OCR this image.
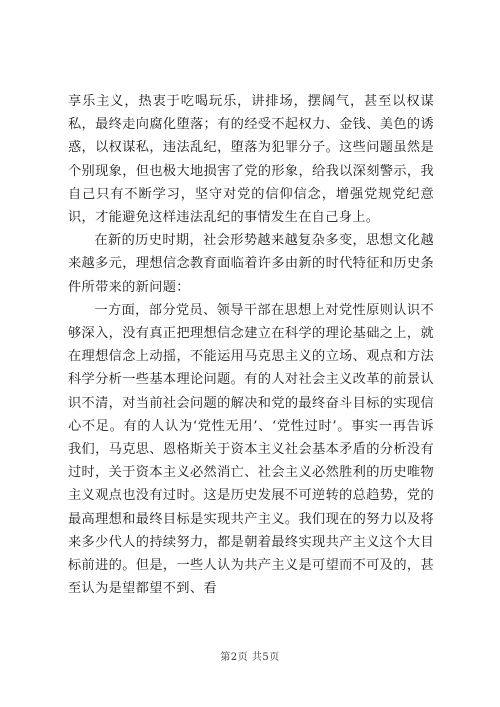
享乐主义，热衷于吃喝玩乐，讲排场，摆阔气，甚至以权谋私，最终走向腐化堕落；有的经受不起权力、金钱、美色的诱惑，以权谋私，违法乱纪，堕落为犯罪分子。这些问题虽然是个别现象，但也极大地损害了党的形象，给我以深刻警示，我自己只有不断学习，坚守对党的信仰信念，增强党规党纪意识，才能避免这样违法乱纪的事情发生在自己身上。

在新的历史时期，社会形势越来越复杂多变，思想文化越来越多元，理想信念教育面临着许多由新的时代特征和历史条件所带来的新问题：

一方面，部分党员、领导干部在思想上对党性原则认识不够深入，没有真正把理想信念建立在科学的理论基础之上，就在理想信念上动摇，不能运用马克思主义的立场、观点和方法科学分析一些基本理论问题。有的人对社会主义改革的前景认识不清，对当前社会问题的解决和党的最终奋斗目标的实现信心不足。有的人认为‘党性无用’、‘党性过时’。事实一再告诉我们，马克思、恩格斯关于资本主义社会基本矛盾的分析没有过时，关于资本主义必然消亡、社会主义必然胜利的历史唯物主义观点也没有过时。这是历史发展不可逆转的总趋势，党的最高理想和最终目标是实现共产主义。我们现在的努力以及将来多少代人的持续努力，都是朝着最终实现共产主义这个大目标前进的。但是，一些人认为共产主义是可望而不可及的，甚至认为是望都望不到、看

第2页 共5页
